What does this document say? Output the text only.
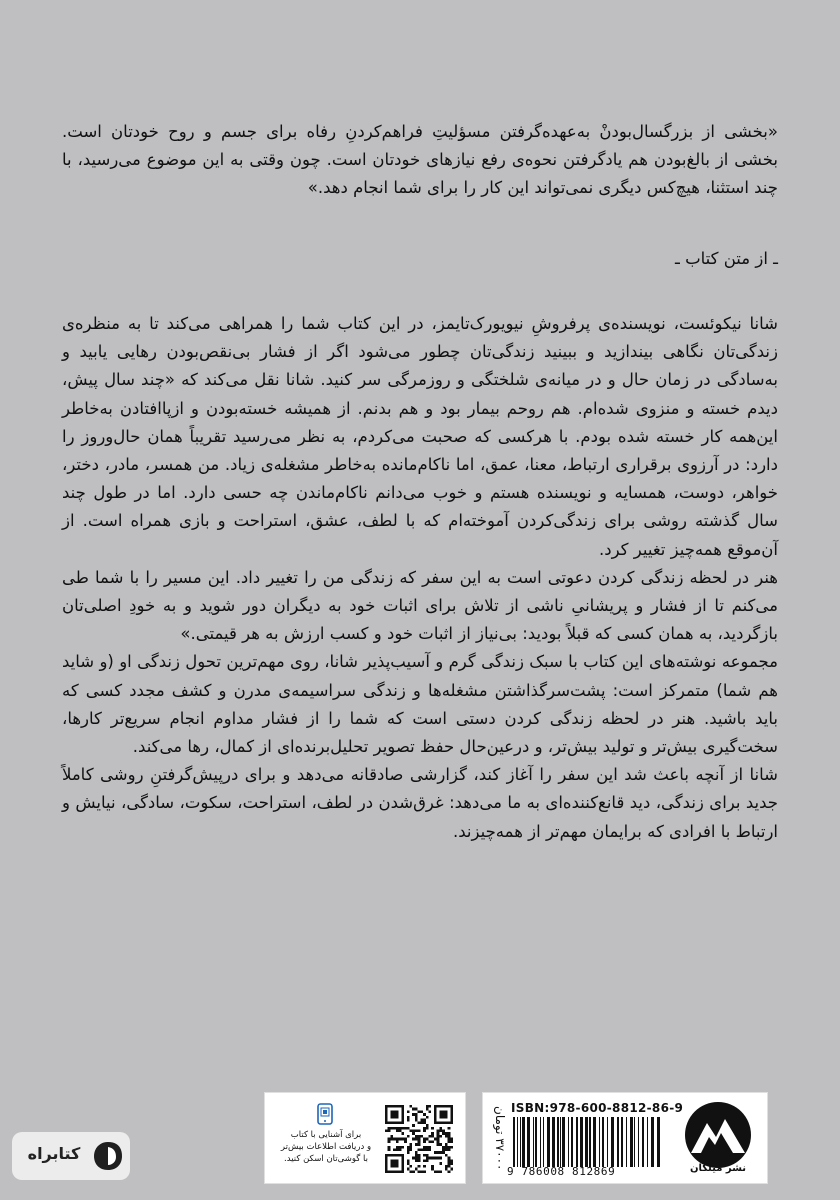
«بخشی از بزرگسال‌بودنْ به‌عهده‌گرفتن مسؤلیتِ فراهم‌کردنِ رفاه برای جسم و روح خودتان است. بخشی از بالغ‌بودن هم یادگرفتن نحوه‌ی رفع نیازهای خودتان است. چون وقتی به این موضوع می‌رسید، با چند استثنا، هیچ‌کس دیگری نمی‌تواند این کار را برای شما انجام دهد.»

ـ از متن کتاب ـ

شانا نیکوئست، نویسنده‌ی پرفروشِ نیویورک‌تایمز، در این کتاب شما را همراهی می‌کند تا به منظره‌ی زندگی‌تان نگاهی بیندازید و ببینید زندگی‌تان چطور می‌شود اگر از فشار بی‌نقص‌بودن رهایی یابید و به‌سادگی در زمان حال و در میانه‌ی شلختگی و روزمرگی سر کنید. شانا نقل می‌کند که «چند سال پیش، دیدم خسته و منزوی شده‌ام. هم روحم بیمار بود و هم بدنم. از همیشه خسته‌بودن و ازپاافتادن به‌خاطر این‌همه کار خسته شده بودم. با هرکسی که صحبت می‌کردم، به نظر می‌رسید تقریباً همان حال‌وروز را دارد: در آرزوی برقراری ارتباط، معنا، عمق، اما ناکام‌مانده به‌خاطر مشغله‌ی زیاد. من همسر، مادر، دختر، خواهر، دوست، همسایه و نویسنده هستم و خوب می‌دانم ناکام‌ماندن چه حسی دارد. اما در طول چند سال گذشته روشی برای زندگی‌کردن آموخته‌ام که با لطف، عشق، استراحت و بازی همراه است. از آن‌موقع همه‌چیز تغییر کرد.

هنر در لحظه زندگی کردن دعوتی است به این سفر که زندگی من را تغییر داد. این مسیر را با شما طی می‌کنم تا از فشار و پریشانیِ ناشی از تلاش برای اثبات خود به دیگران دور شوید و به خودِ اصلی‌تان بازگردید، به همان کسی که قبلاً بودید: بی‌نیاز از اثبات خود و کسب ارزش به هر قیمتی.»

مجموعه نوشته‌های این کتاب با سبک زندگی گرم و آسیب‌پذیر شانا، روی مهم‌ترین تحول زندگی او (و شاید هم شما) متمرکز است: پشت‌سرگذاشتن مشغله‌ها و زندگی سراسیمه‌ی مدرن و کشف مجدد کسی که باید باشید. هنر در لحظه زندگی کردن دستی است که شما را از فشار مداوم انجام سریع‌تر کارها، سخت‌گیری بیش‌تر و تولید بیش‌تر، و درعین‌حال حفظ تصویر تحلیل‌برنده‌ای از کمال، رها می‌کند.

شانا از آنچه باعث شد این سفر را آغاز کند، گزارشی صادقانه می‌دهد و برای درپیش‌گرفتنِ روشی کاملاً جدید برای زندگی، دید قانع‌کننده‌ای به ما می‌دهد: غرق‌شدن در لطف، استراحت، سکوت، سادگی، نیایش و ارتباط با افرادی که برایمان مهم‌تر از همه‌چیزند.

برای آشنایی با کتاب
و دریافت اطلاعات بیش‌تر
با گوشی‌تان اسکن کنید.
۳۷۰۰۰ تومان
ISBN:978-600-8812-86-9
9 786008 812869	نشر میلکان
کتابراه
